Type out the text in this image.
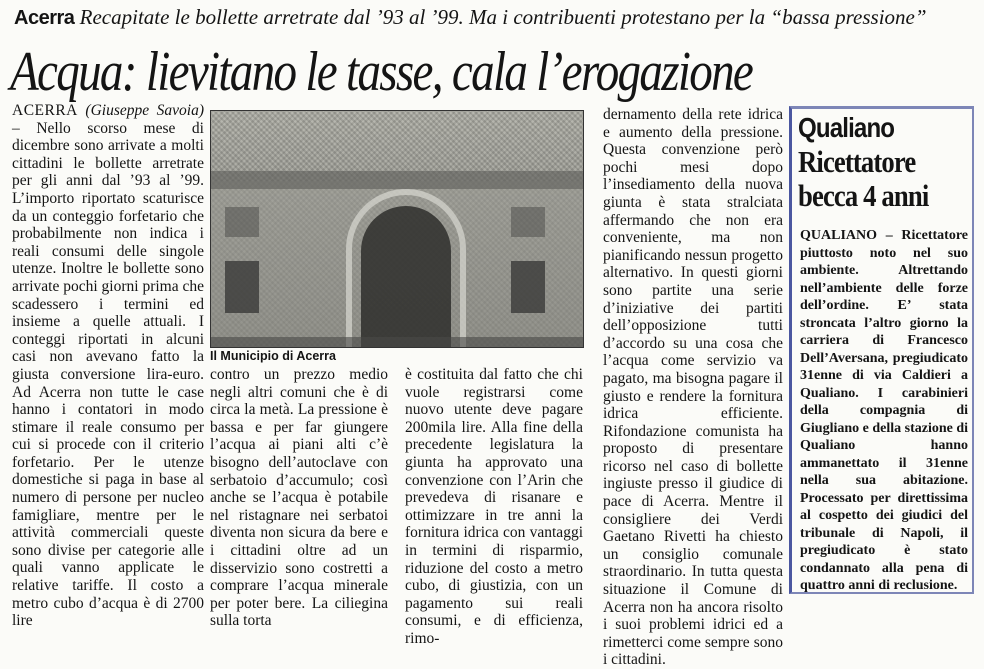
Acerra Recapitate le bollette arretrate dal ’93 al ’99. Ma i contribuenti protestano per la “bassa pressione”
Acqua: lievitano le tasse, cala l’erogazione
ACERRA (Giuseppe Savoia) – Nello scorso mese di dicembre sono arrivate a molti cittadini le bollette arretrate per gli anni dal ’93 al ’99. L’importo riportato scaturisce da un conteggio forfetario che probabilmente non indica i reali consumi delle singole utenze. Inoltre le bollette sono arrivate pochi giorni prima che scadessero i termini ed insieme a quelle attuali. I conteggi riportati in alcuni casi non avevano fatto la giusta conversione lira-euro. Ad Acerra non tutte le case hanno i contatori in modo stimare il reale consumo per cui si procede con il criterio forfetario. Per le utenze domestiche si paga in base al numero di persone per nucleo famigliare, mentre per le attività commerciali queste sono divise per categorie alle quali vanno applicate le relative tariffe. Il costo a metro cubo d’acqua è di 2700 lire
Il Municipio di Acerra
contro un prezzo medio negli altri comuni che è di circa la metà. La pressione è bassa e per far giungere l’acqua ai piani alti c’è bisogno dell’autoclave con serbatoio d’accumulo; così anche se l’acqua è potabile nel ristagnare nei serbatoi diventa non sicura da bere e i cittadini oltre ad un disservizio sono costretti a comprare l’acqua minerale per poter bere. La ciliegina sulla torta
è costituita dal fatto che chi vuole registrarsi come nuovo utente deve pagare 200mila lire. Alla fine della precedente legislatura la giunta ha approvato una convenzione con l’Arin che prevedeva di risanare e ottimizzare in tre anni la fornitura idrica con vantaggi in termini di risparmio, riduzione del costo a metro cubo, di giustizia, con un pagamento sui reali consumi, e di efficienza, rimo-
dernamento della rete idrica e aumento della pressione. Questa convenzione però pochi mesi dopo l’insediamento della nuova giunta è stata stralciata affermando che non era conveniente, ma non pianificando nessun progetto alternativo. In questi giorni sono partite una serie d’iniziative dei partiti dell’opposizione tutti d’accordo su una cosa che l’acqua come servizio va pagato, ma bisogna pagare il giusto e rendere la fornitura idrica efficiente. Rifondazione comunista ha proposto di presentare ricorso nel caso di bollette ingiuste presso il giudice di pace di Acerra. Mentre il consigliere dei Verdi Gaetano Rivetti ha chiesto un consiglio comunale straordinario. In tutta questa situazione il Comune di Acerra non ha ancora risolto i suoi problemi idrici ed a rimetterci come sempre sono i cittadini.
Qualiano
Ricettatore
becca 4 anni
QUALIANO – Ricettatore piuttosto noto nel suo ambiente. Altrettando nell’ambiente delle forze dell’ordine. E’ stata stroncata l’altro giorno la carriera di Francesco Dell’Aversana, pregiudicato 31enne di via Caldieri a Qualiano. I carabinieri della compagnia di Giugliano e della stazione di Qualiano hanno ammanettato il 31enne nella sua abitazione. Processato per direttissima al cospetto dei giudici del tribunale di Napoli, il pregiudicato è stato condannato alla pena di quattro anni di reclusione.
